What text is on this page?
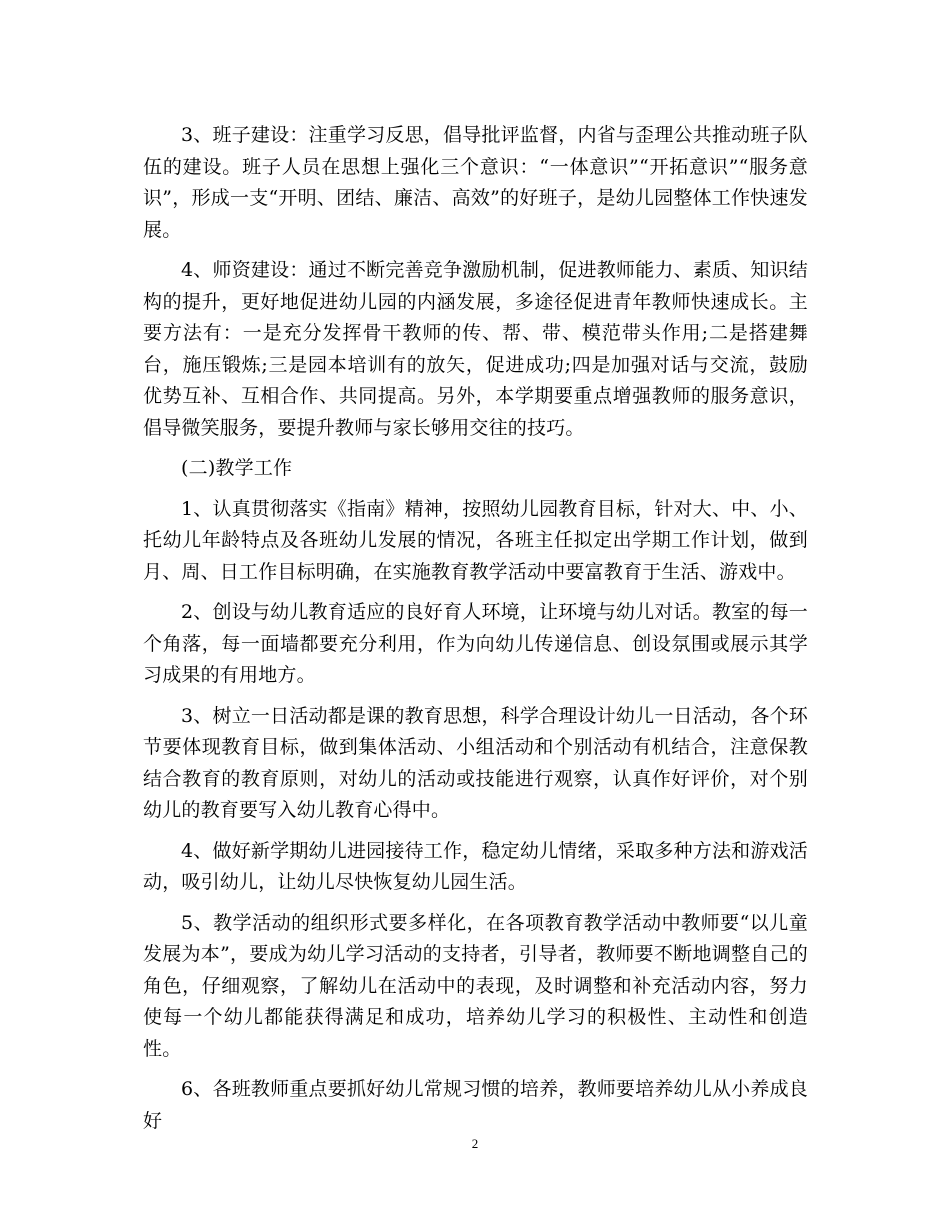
3、班子建设：注重学习反思，倡导批评监督，内省与歪理公共推动班子队伍的建设。班子人员在思想上强化三个意识：“一体意识”“开拓意识”“服务意识”，形成一支“开明、团结、廉洁、高效”的好班子，是幼儿园整体工作快速发展。

4、师资建设：通过不断完善竞争激励机制，促进教师能力、素质、知识结构的提升，更好地促进幼儿园的内涵发展，多途径促进青年教师快速成长。主要方法有：一是充分发挥骨干教师的传、帮、带、模范带头作用;二是搭建舞台，施压锻炼;三是园本培训有的放矢，促进成功;四是加强对话与交流，鼓励优势互补、互相合作、共同提高。另外，本学期要重点增强教师的服务意识，倡导微笑服务，要提升教师与家长够用交往的技巧。

(二)教学工作

1、认真贯彻落实《指南》精神，按照幼儿园教育目标，针对大、中、小、托幼儿年龄特点及各班幼儿发展的情况，各班主任拟定出学期工作计划，做到月、周、日工作目标明确，在实施教育教学活动中要富教育于生活、游戏中。

2、创设与幼儿教育适应的良好育人环境，让环境与幼儿对话。教室的每一个角落，每一面墙都要充分利用，作为向幼儿传递信息、创设氛围或展示其学习成果的有用地方。

3、树立一日活动都是课的教育思想，科学合理设计幼儿一日活动，各个环节要体现教育目标，做到集体活动、小组活动和个别活动有机结合，注意保教结合教育的教育原则，对幼儿的活动或技能进行观察，认真作好评价，对个别幼儿的教育要写入幼儿教育心得中。

4、做好新学期幼儿进园接待工作，稳定幼儿情绪，采取多种方法和游戏活动，吸引幼儿，让幼儿尽快恢复幼儿园生活。

5、教学活动的组织形式要多样化，在各项教育教学活动中教师要“以儿童发展为本”，要成为幼儿学习活动的支持者，引导者，教师要不断地调整自己的角色，仔细观察，了解幼儿在活动中的表现，及时调整和补充活动内容，努力使每一个幼儿都能获得满足和成功，培养幼儿学习的积极性、主动性和创造性。

6、各班教师重点要抓好幼儿常规习惯的培养，教师要培养幼儿从小养成良好

2
